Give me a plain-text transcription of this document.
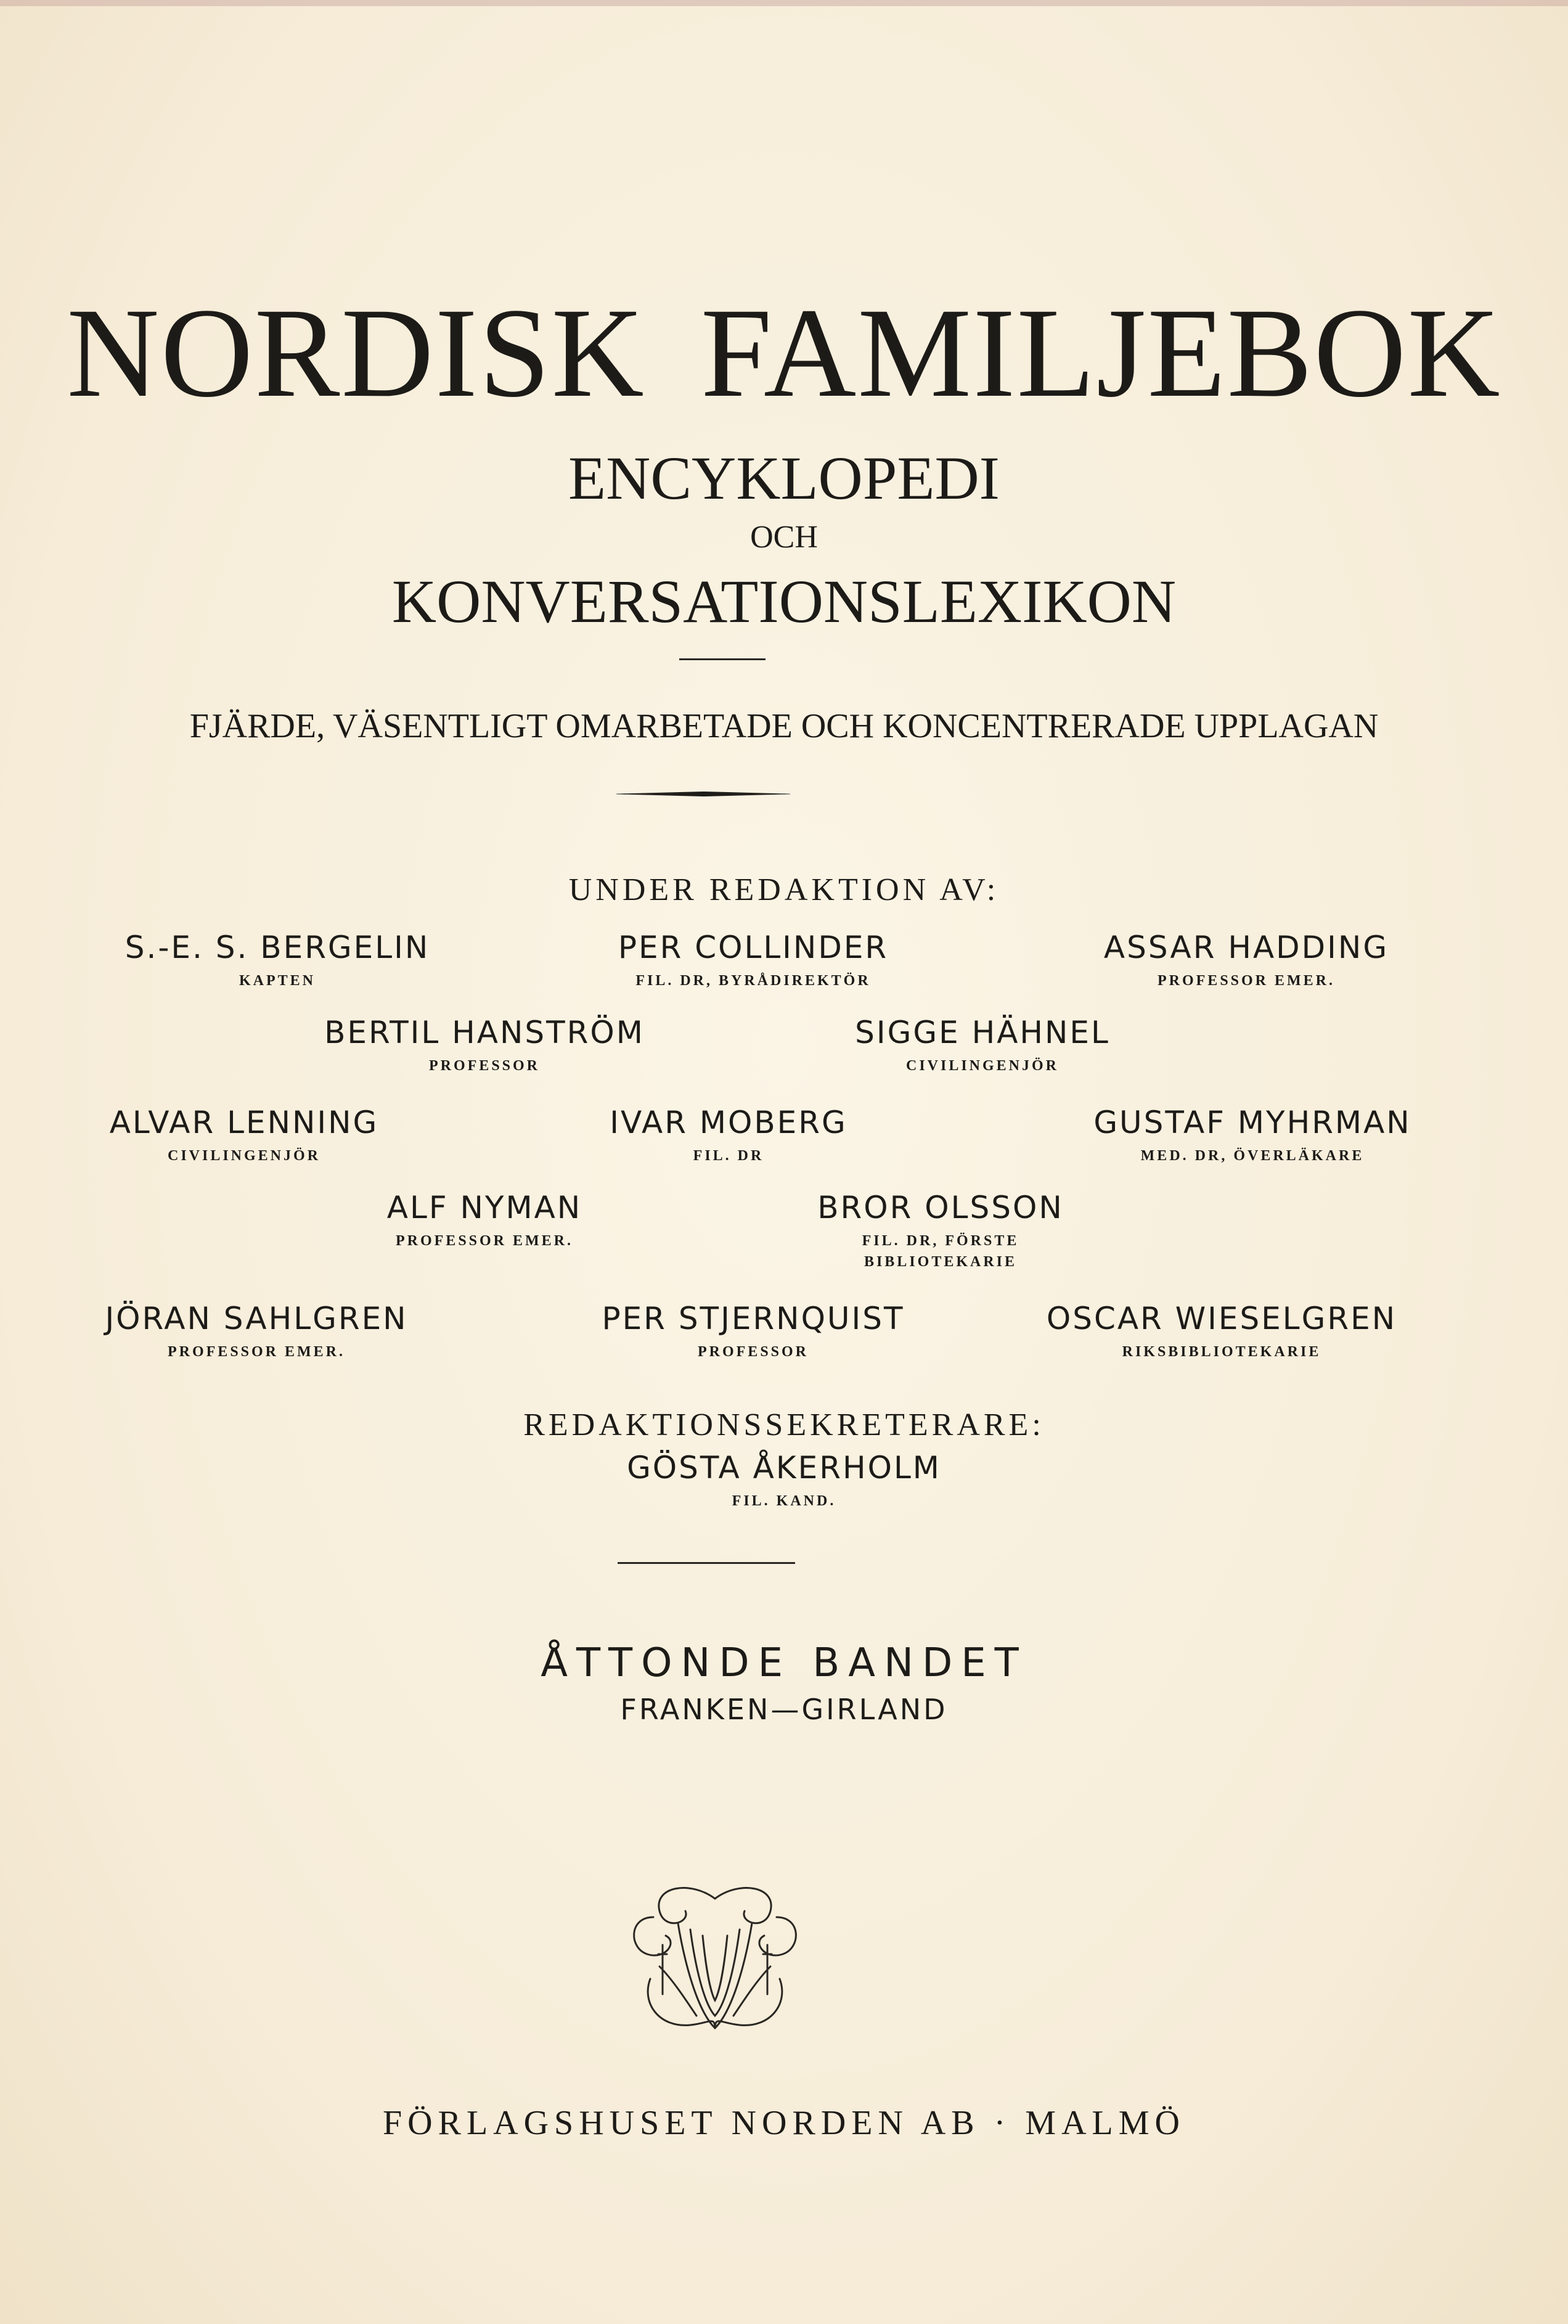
NORDISK FAMILJEBOK
ENCYKLOPEDI
OCH
KONVERSATIONSLEXIKON
FJÄRDE, VÄSENTLIGT OMARBETADE OCH KONCENTRERADE UPPLAGAN
UNDER REDAKTION AV:
S.-E. S. BERGELIN
KAPTEN
PER COLLINDER
FIL. DR, BYRÅDIREKTÖR
ASSAR HADDING
PROFESSOR EMER.
BERTIL HANSTRÖM
PROFESSOR
SIGGE HÄHNEL
CIVILINGENJÖR
ALVAR LENNING
CIVILINGENJÖR
IVAR MOBERG
FIL. DR
GUSTAF MYHRMAN
MED. DR, ÖVERLÄKARE
ALF NYMAN
PROFESSOR EMER.
BROR OLSSON
FIL. DR, FÖRSTE
BIBLIOTEKARIE
JÖRAN SAHLGREN
PROFESSOR EMER.
PER STJERNQUIST
PROFESSOR
OSCAR WIESELGREN
RIKSBIBLIOTEKARIE
REDAKTIONSSEKRETERARE:
GÖSTA ÅKERHOLM
FIL. KAND.
ÅTTONDE BANDET
FRANKEN—GIRLAND
FÖRLAGSHUSET NORDEN AB · MALMÖ
